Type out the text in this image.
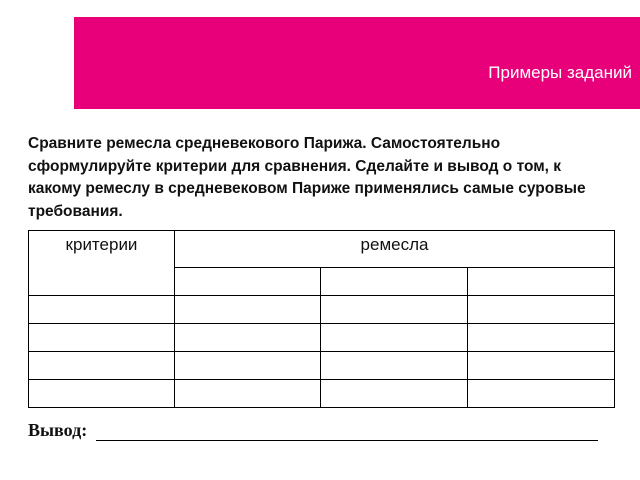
Примеры заданий

Сравните ремесла средневекового Парижа. Самостоятельно сформулируйте критерии для сравнения. Сделайте и вывод о том, к какому ремеслу в средневековом Париже применялись самые суровые требования.

критерии	ремесла		

Вывод:
